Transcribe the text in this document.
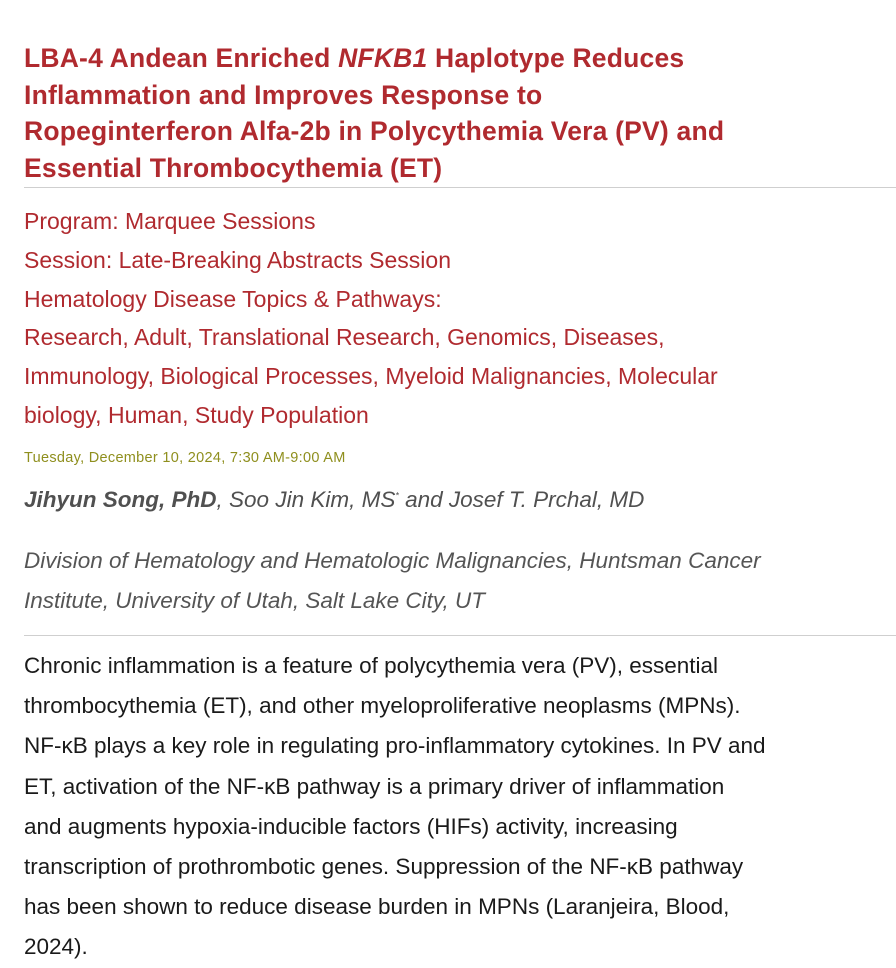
LBA-4 Andean Enriched NFKB1 Haplotype Reduces
Inflammation and Improves Response to
Ropeginterferon Alfa-2b in Polycythemia Vera (PV) and
Essential Thrombocythemia (ET)
Program: Marquee Sessions
Session: Late-Breaking Abstracts Session
Hematology Disease Topics & Pathways:
Research, Adult, Translational Research, Genomics, Diseases,
Immunology, Biological Processes, Myeloid Malignancies, Molecular
biology, Human, Study Population
Tuesday, December 10, 2024, 7:30 AM-9:00 AM
Jihyun Song, PhD, Soo Jin Kim, MS* and Josef T. Prchal, MD
Division of Hematology and Hematologic Malignancies, Huntsman Cancer
Institute, University of Utah, Salt Lake City, UT
Chronic inflammation is a feature of polycythemia vera (PV), essential
thrombocythemia (ET), and other myeloproliferative neoplasms (MPNs).
NF-κB plays a key role in regulating pro-inflammatory cytokines. In PV and
ET, activation of the NF-κB pathway is a primary driver of inflammation
and augments hypoxia-inducible factors (HIFs) activity, increasing
transcription of prothrombotic genes. Suppression of the NF-κB pathway
has been shown to reduce disease burden in MPNs (Laranjeira, Blood,
2024).
